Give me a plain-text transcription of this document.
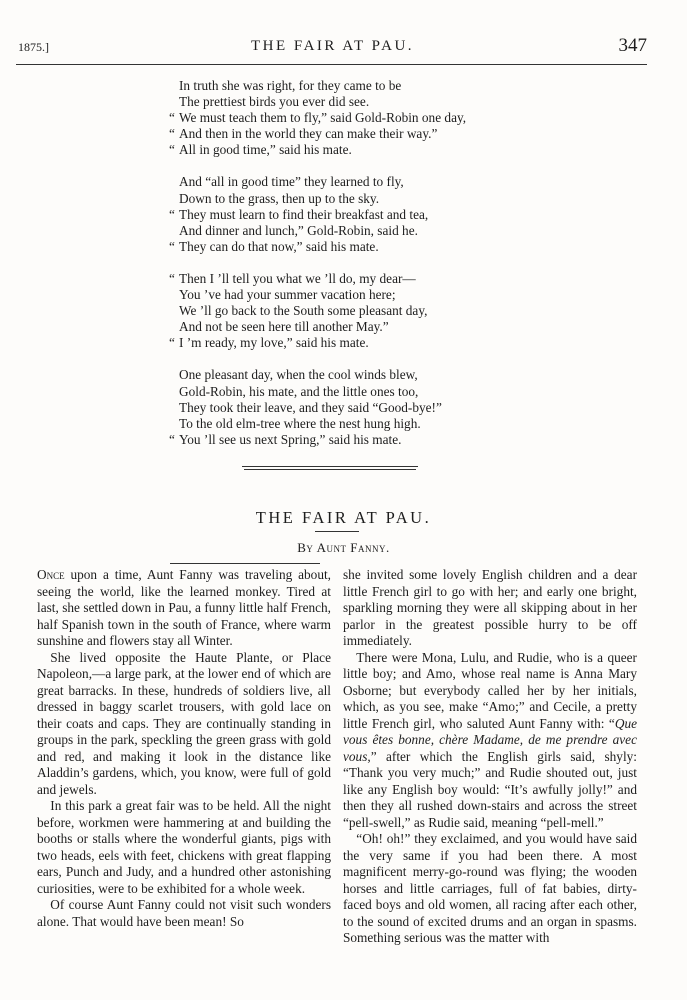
1875.]	THE FAIR AT PAU.	347
In truth she was right, for they came to be
The prettiest birds you ever did see.
“ We must teach them to fly,” said Gold-Robin one day,
“ And then in the world they can make their way.”
“ All in good time,” said his mate.
And “all in good time” they learned to fly,
Down to the grass, then up to the sky.
“ They must learn to find their breakfast and tea,
And dinner and lunch,” Gold-Robin, said he.
“ They can do that now,” said his mate.
“ Then I ’ll tell you what we ’ll do, my dear—
You ’ve had your summer vacation here;
We ’ll go back to the South some pleasant day,
And not be seen here till another May.”
“ I ’m ready, my love,” said his mate.
One pleasant day, when the cool winds blew,
Gold-Robin, his mate, and the little ones too,
They took their leave, and they said “Good-bye!”
To the old elm-tree where the nest hung high.
“ You ’ll see us next Spring,” said his mate.
THE FAIR AT PAU.
By Aunt Fanny.

Once upon a time, Aunt Fanny was traveling about, seeing the world, like the learned monkey. Tired at last, she settled down in Pau, a funny little half French, half Spanish town in the south of France, where warm sunshine and flowers stay all Winter.

 She lived opposite the Haute Plante, or Place Napoleon,—a large park, at the lower end of which are great barracks. In these, hundreds of soldiers live, all dressed in baggy scarlet trousers, with gold lace on their coats and caps. They are continually standing in groups in the park, speckling the green grass with gold and red, and making it look in the distance like Aladdin’s gardens, which, you know, were full of gold and jewels.

 In this park a great fair was to be held. All the night before, workmen were hammering at and building the booths or stalls where the wonderful giants, pigs with two heads, eels with feet, chickens with great flapping ears, Punch and Judy, and a hundred other astonishing curiosities, were to be exhibited for a whole week.

 Of course Aunt Fanny could not visit such wonders alone. That would have been mean! So

she invited some lovely English children and a dear little French girl to go with her; and early one bright, sparkling morning they were all skipping about in her parlor in the greatest possible hurry to be off immediately.

 There were Mona, Lulu, and Rudie, who is a queer little boy; and Amo, whose real name is Anna Mary Osborne; but everybody called her by her initials, which, as you see, make “Amo;” and Cecile, a pretty little French girl, who saluted Aunt Fanny with: “Que vous êtes bonne, chère Madame, de me prendre avec vous,” after which the English girls said, shyly: “Thank you very much;” and Rudie shouted out, just like any English boy would: “It’s awfully jolly!” and then they all rushed down-stairs and across the street “pell-swell,” as Rudie said, meaning “pell-mell.”

 “Oh! oh!” they exclaimed, and you would have said the very same if you had been there. A most magnificent merry-go-round was flying; the wooden horses and little carriages, full of fat babies, dirty-faced boys and old women, all racing after each other, to the sound of excited drums and an organ in spasms. Something serious was the matter with
